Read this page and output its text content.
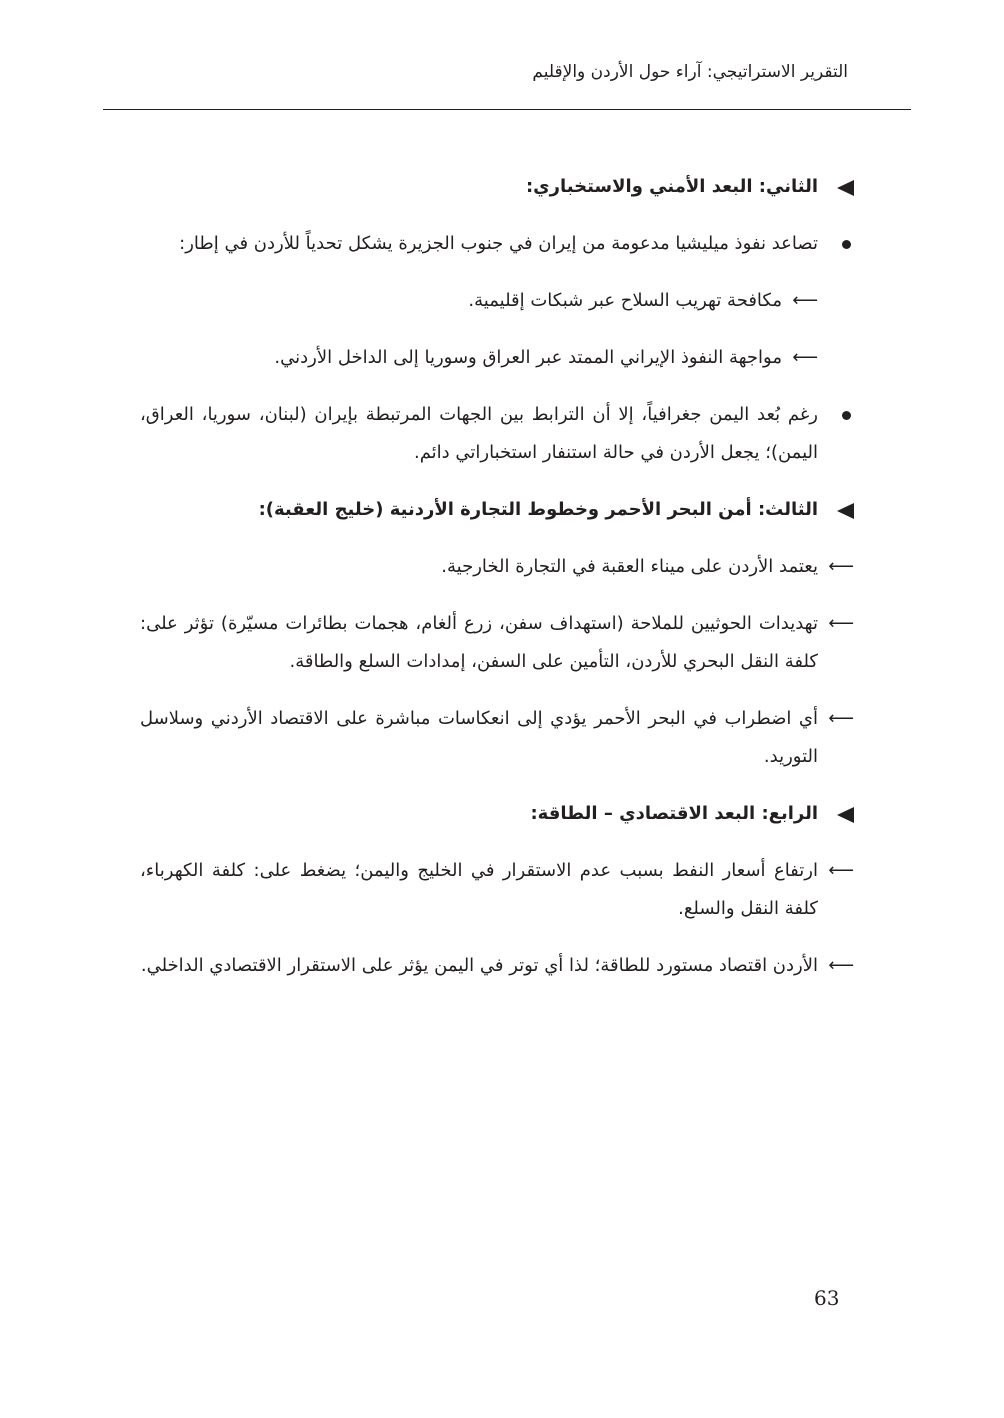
التقرير الاستراتيجي: آراء حول الأردن والإقليم
الثاني: البعد الأمني والاستخباري:
تصاعد نفوذ ميليشيا مدعومة من إيران في جنوب الجزيرة يشكل تحدياً للأردن في إطار:
⟵
مكافحة تهريب السلاح عبر شبكات إقليمية.
⟵
مواجهة النفوذ الإيراني الممتد عبر العراق وسوريا إلى الداخل الأردني.
رغم بُعد اليمن جغرافياً، إلا أن الترابط بين الجهات المرتبطة بإيران (لبنان، سوريا، العراق، اليمن)؛ يجعل الأردن في حالة استنفار استخباراتي دائم.
الثالث: أمن البحر الأحمر وخطوط التجارة الأردنية (خليج العقبة):
⟵
يعتمد الأردن على ميناء العقبة في التجارة الخارجية.
⟵
تهديدات الحوثيين للملاحة (استهداف سفن، زرع ألغام، هجمات بطائرات مسيّرة) تؤثر على: كلفة النقل البحري للأردن، التأمين على السفن، إمدادات السلع والطاقة.
⟵
أي اضطراب في البحر الأحمر يؤدي إلى انعكاسات مباشرة على الاقتصاد الأردني وسلاسل التوريد.
الرابع: البعد الاقتصادي – الطاقة:
⟵
ارتفاع أسعار النفط بسبب عدم الاستقرار في الخليج واليمن؛ يضغط على: كلفة الكهرباء، كلفة النقل والسلع.
⟵
الأردن اقتصاد مستورد للطاقة؛ لذا أي توتر في اليمن يؤثر على الاستقرار الاقتصادي الداخلي.
63
